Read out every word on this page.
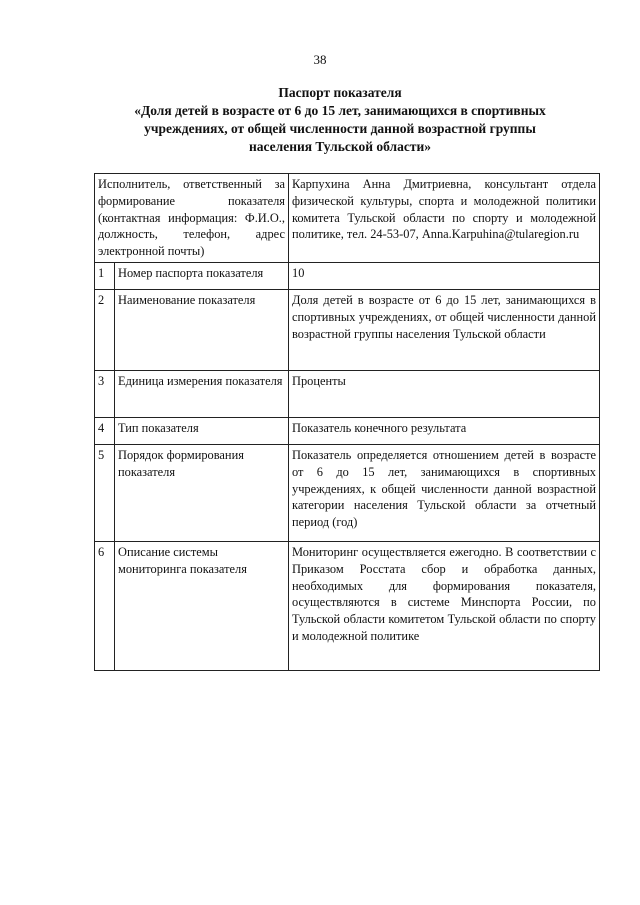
38
Паспорт показателя
«Доля детей в возрасте от 6 до 15 лет, занимающихся в спортивных
учреждениях, от общей численности данной возрастной группы
населения Тульской области»
Исполнитель, ответственный за формирование показателя (контактная информация: Ф.И.О., должность, телефон, адрес электронной почты)		Карпухина Анна Дмитриевна, консультант отдела физической культуры, спорта и молодежной политики комитета Тульской области по спорту и молодежной политике, тел. 24-53-07, Anna.Karpuhina@tularegion.ru
1	Номер паспорта показателя	10
2	Наименование показателя	Доля детей в возрасте от 6 до 15 лет, занимающихся в спортивных учреждениях, от общей численности данной возрастной группы населения Тульской области
3	Единица измерения показателя	Проценты
4	Тип показателя	Показатель конечного результата
5	Порядок формирования показателя	Показатель определяется отношением детей в возрасте от 6 до 15 лет, занимающихся в спортивных учреждениях, к общей численности данной возрастной категории населения Тульской области за отчетный период (год)
6	Описание системы мониторинга показателя	Мониторинг осуществляется ежегодно. В соответствии с Приказом Росстата сбор и обработка данных, необходимых для формирования показателя, осуществляются в системе Минспорта России, по Тульской области комитетом Тульской области по спорту и молодежной политике
